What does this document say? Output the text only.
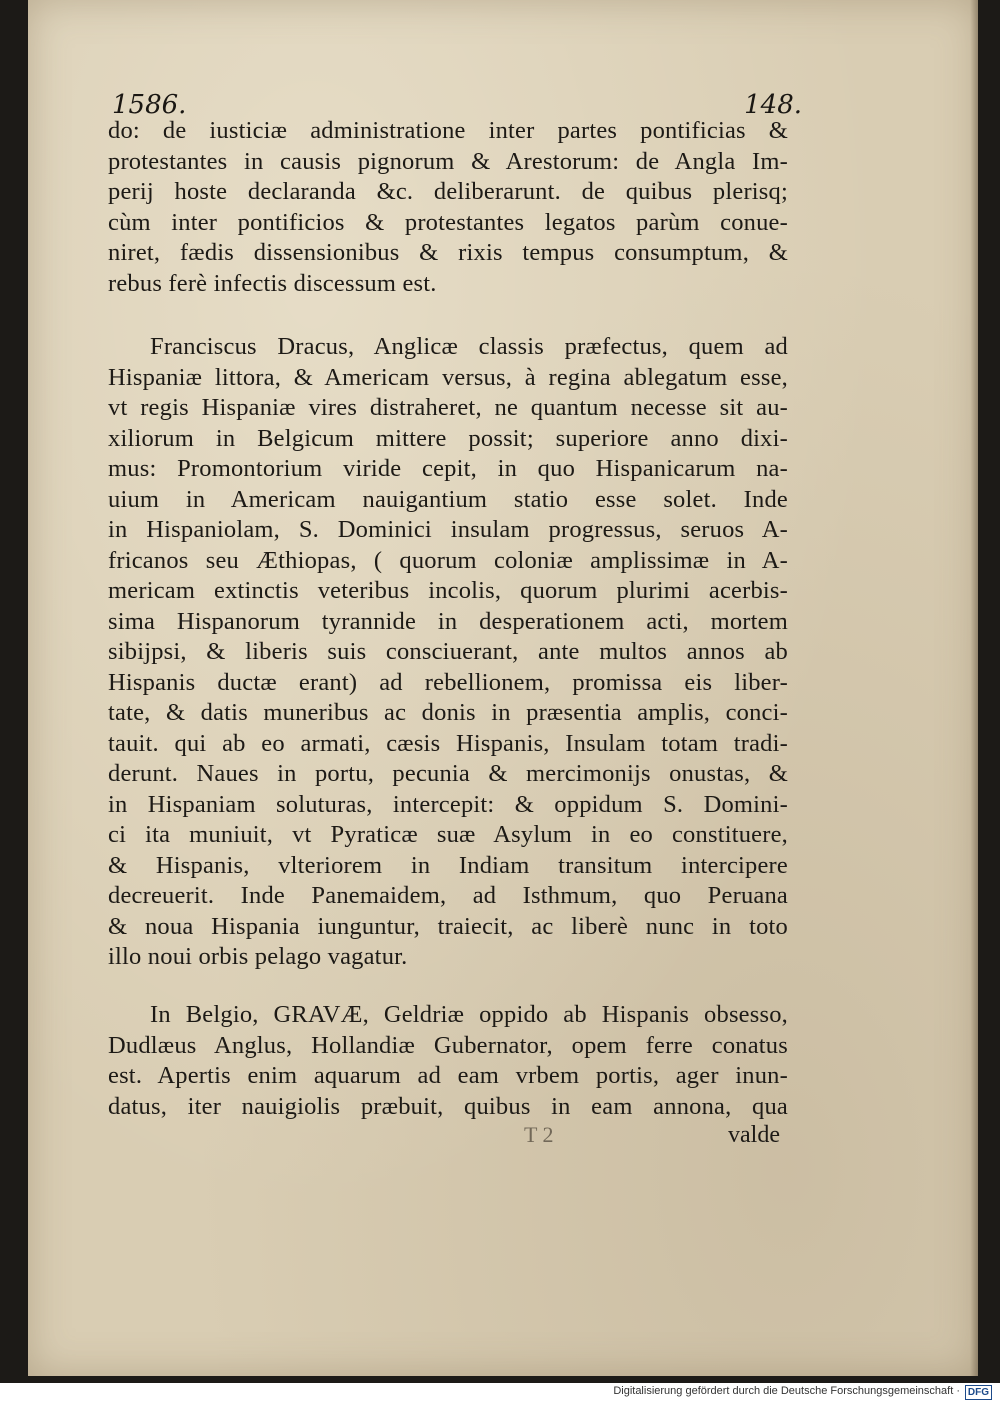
1586.	148.
do: de iusticiæ administratione inter partes pontificias &
protestantes in causis pignorum & Arestorum: de Angla Im-
perij hoste declaranda &c. deliberarunt. de quibus plerisq;
cùm inter pontificios & protestantes legatos parùm conue-
niret, fædis dissensionibus & rixis tempus consumptum, &
rebus ferè infectis discessum est.
Franciscus Dracus, Anglicæ classis præfectus, quem ad
Hispaniæ littora, & Americam versus, à regina ablegatum esse,
vt regis Hispaniæ vires distraheret, ne quantum necesse sit au-
xiliorum in Belgicum mittere possit; superiore anno dixi-
mus: Promontorium viride cepit, in quo Hispanicarum na-
uium in Americam nauigantium statio esse solet. Inde
in Hispaniolam, S. Dominici insulam progressus, seruos A-
fricanos seu Æthiopas, ( quorum coloniæ amplissimæ in A-
mericam extinctis veteribus incolis, quorum plurimi acerbis-
sima Hispanorum tyrannide in desperationem acti, mortem
sibijpsi, & liberis suis consciuerant, ante multos annos ab
Hispanis ductæ erant) ad rebellionem, promissa eis liber-
tate, & datis muneribus ac donis in præsentia amplis, conci-
tauit. qui ab eo armati, cæsis Hispanis, Insulam totam tradi-
derunt. Naues in portu, pecunia & mercimonijs onustas, &
in Hispaniam soluturas, intercepit: & oppidum S. Domini-
ci ita muniuit, vt Pyraticæ suæ Asylum in eo constituere,
& Hispanis, vlteriorem in Indiam transitum intercipere
decreuerit. Inde Panemaidem, ad Isthmum, quo Peruana
& noua Hispania iunguntur, traiecit, ac liberè nunc in toto
illo noui orbis pelago vagatur.
In Belgio, GRAVÆ, Geldriæ oppido ab Hispanis obsesso,
Dudlæus Anglus, Hollandiæ Gubernator, opem ferre conatus
est. Apertis enim aquarum ad eam vrbem portis, ager inun-
datus, iter nauigiolis præbuit, quibus in eam annona, qua
T 2	valde
Digitalisierung gefördert durch die Deutsche Forschungsgemeinschaft · DFG
